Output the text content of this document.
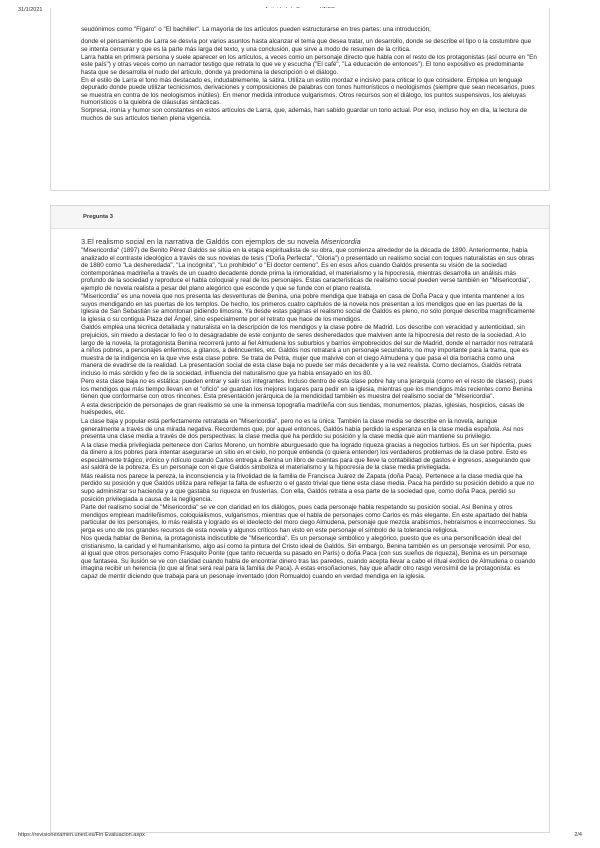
31/1/2021

seudónimos como "Fígaro" o "El bachiller". La mayoría de los artículos pueden estructurarse en tres partes: una introducción,

donde el pensamiento de Larra se desvía por varios asuntos hasta alcanzar el tema que desea tratar, un desarrollo, donde se describe el tipo o la costumbre que se intenta censurar y que es la parte más larga del texto, y una conclusión, que sirve a modo de resumen de la crítica.

Larra habla en primera persona y suele aparecer en los artículos, a veces como un personaje directo que habla con el resto de los protagonistas (así ocurre en "En este país") y otras veces como un narrador testigo que retrata lo que ve y escucha ("El café", "La educación de entonces"). El tono expositivo es predominante hasta que se desarrolla el nudo del artículo, donde ya predomina la descripción o el diálogo.

En el estilo de Larra el tono más destacado es, indudablemente, la sátira. Utiliza un estilo mordaz e incisivo para criticar lo que considere. Emplea un lenguaje depurado donde puede utilizar tecnicismos, derivaciones y composiciones de palabras con tonos humorísticos o neologismos (siempre que sean necesarios, pues se muestra en contra de los neologismos inútiles). En menor medida introduce vulgarismos. Otros recursos son el diálogo, los puntos suspensivos, los aleluyas humorísticos o la quiebra de cláusulas sintácticas.

Sorpresa, ironía y humor son constantes en estos artículos de Larra, que, además, han sabido guardar un tono actual. Por eso, incluso hoy en día, la lectura de muchos de sus artículos tienen plena vigencia.

Pregunta 3

3.El realismo social en la narrativa de Galdós con ejemplos de su novela Misericordia

"Misericordia" (1897) de Benito Pérez Galdós se sitúa en la etapa espiritualista de su obra, que comienza alrededor de la década de 1890. Anteriormente, había analizado el contraste ideológico a través de sus novelas de tesis ("Doña Perfecta", "Gloria") o presentado un realismo social con toques naturalistas en sus obras de 1880 como "La desheredada", "La incógnita", "Lo prohibido" o "El doctor centeno". Es en esos años cuando Galdós presenta su visión de la sociedad contemporánea madrileña a través de un cuadro decadente donde prima la inmoralidad, el materialismo y la hipocresía, mientras desarrolla un análisis más profundo de la sociedad y reproduce el habla coloquial y real de los personajes. Estas características de realismo social pueden verse también en "Misericordia", ejemplo de novela realista a pesar del plano alegórico que esconde y que se funde con el plano realista.

"Misericordia" es una novela que nos presenta las desventuras de Benina, una pobre mendiga que trabaja en casa de Doña Paca y que intenta mantener a los suyos mendigando en las puertas de los templos. De hecho, los primeros cuatro capítulos de la novela nos presentan a los mendigos que en las puertas de la Iglesia de San Sebastián se amontonan pidiendo limosna. Ya desde estas páginas el realismo social de Galdós es pleno, no sólo porque describa magníficamente la iglesia o su contigua Plaza del Ángel, sino especialmente por el retrato que hace de los mendigos.

Galdós emplea una técnica detallada y naturalista en la descripción de los mendigos y la clase pobre de Madrid. Los describe con veracidad y autenticidad, sin prejuicios, sin miedo a destacar lo feo o lo desagradable de este conjunto de seres desheredados que malviven ante la hipocresía del resto de la sociedad. A lo largo de la novela, la protagonista Benina recorrerá junto al fiel Almudena los suburbios y barrios empobrecidos del sur de Madrid, donde el narrador nos retratará a niños pobres, a personajes enfermos, a gitanos, a delincuentes, etc. Galdós nos retratará a un personaje secundario, no muy importante para la trama, que es muestra de la indigencia en la que vive esta clase pobre. Se trata de Petra, mujer que malvive con el ciego Almudena y que pasa el día borracha como una manera de evadirse de la realidad. La presentación social de esta clase baja no puede ser más decadente y a la vez realista. Como decíamos, Galdós retrata incluso lo más sórdido y feo de la sociedad, influencia del naturalismo que ya había ensayado en los 80.

Pero esta clase baja no es estática: pueden entrar y salir sus integrantes. Incluso dentro de esta clase pobre hay una jerarquía (como en el resto de clases), pues los mendigos que más tiempo llevan en el "oficio" se guardan los mejores lugares para pedir en la iglesia, mientras que los mendigos más recientes como Benina tienen que conformarse con otros rincones. Esta presentación jerárquica de la mendicidad también es muestra del realismo social de "Misericordia".

A esta descripción de personajes de gran realismo se une la inmensa topografía madrileña con sus tiendas, monumentos, plazas, iglesias, hospicios, casas de huéspedes, etc.

La clase baja y popular está perfectamente retratada en "Misericordia", pero no es la única. También la clase media se describe en la novela, aunque generalmente a través de una mirada negativa. Recordemos que, por aquel entonces, Galdós había perdido la esperanza en la clase media española. Así nos presenta una clase media a través de dos perspectivas: la clase media que ha perdido su posición y la clase media que aún mantiene su privilegio.

A la clase media privilegiada pertenece don Carlos Moreno, un hombre aburguesado que ha logrado riqueza gracias a negocios turbios. Es un ser hipócrita, pues da dinero a los pobres para intentar asegurarse un sitio en el cielo, no porque entienda (o quiera entender) los verdaderos problemas de la clase pobre. Esto es especialmente trágico, irónico y ridículo cuando Carlos entrega a Benina un libro de cuentas para que lleve la contabilidad de gastos e ingresos, asegurando que así saldrá de la pobreza. Es un personaje con el que Galdós simboliza el materialismo y la hipocresía de la clase media privilegiada.

Más realista nos parece la pereza, la inconsciencia y la frivolidad de la familia de Francisca Juárez de Zapata (doña Paca). Pertenece a la clase media que ha perdido su posición y que Galdós utiliza para reflejar la falta de esfuerzo o el gasto trivial que tiene esta clase media. Paca ha perdido su posición debido a que no supo administrar su hacienda y a que gastaba su riqueza en fruslerías. Con ella, Galdós retrata a esa parte de la sociedad que, como doña Paca, perdió su posición privilegiada a causa de la negligencia.

Parte del realismo social de "Misericordia" se ve con claridad en los diálogos, pues cada personaje habla respetando su posición social. Así Benina y otros mendigos emplean madrileñismos, coloquialismos, vulgarismos, mientras que el habla de personajes como Carlos es más elegante. En este apartado del habla particular de los personajes, lo más realista y logrado es el ideolecto del moro ciego Almudena, personaje que mezcla arabismos, hebraísmos e incorrecciones. Su jerga es uno de los grandes recursos de esta novela y algunos críticos han visto en este personaje el símbolo de la tolerancia religiosa.

Nos queda hablar de Benina, la protagonista indiscutible de "Misericordia". Es un personaje simbólico y alegórico, puesto que es una personificación ideal del cristianismo, la caridad y el humanitarismo, algo así como la pintura del Cristo ideal de Galdós. Sin embargo, Benina también es un personaje verosímil. Por eso, al igual que otros personajes como Frasquito Ponte (que tanto recuerda su pasado en París) o doña Paca (con sus sueños de riqueza), Benina es un personaje que fantasea. Su ilusión se ve con claridad cuando habla de encontrar dinero tras las paredes, cuando acepta llevar a cabo el ritual exótico de Almudena o cuando imagina recibir un herencia (lo que al final será real para la familia de Paca). A estas ensoñaciones, hay que añadir otro rasgo verosímil de la protagonista: es capaz de mentir diciendo que trabaja para un pesonaje inventado (don Romualdo) cuando en verdad mendiga en la iglesia.

https://revisionexamen.uned.es/Fin Evaluacion.aspx	2/4
